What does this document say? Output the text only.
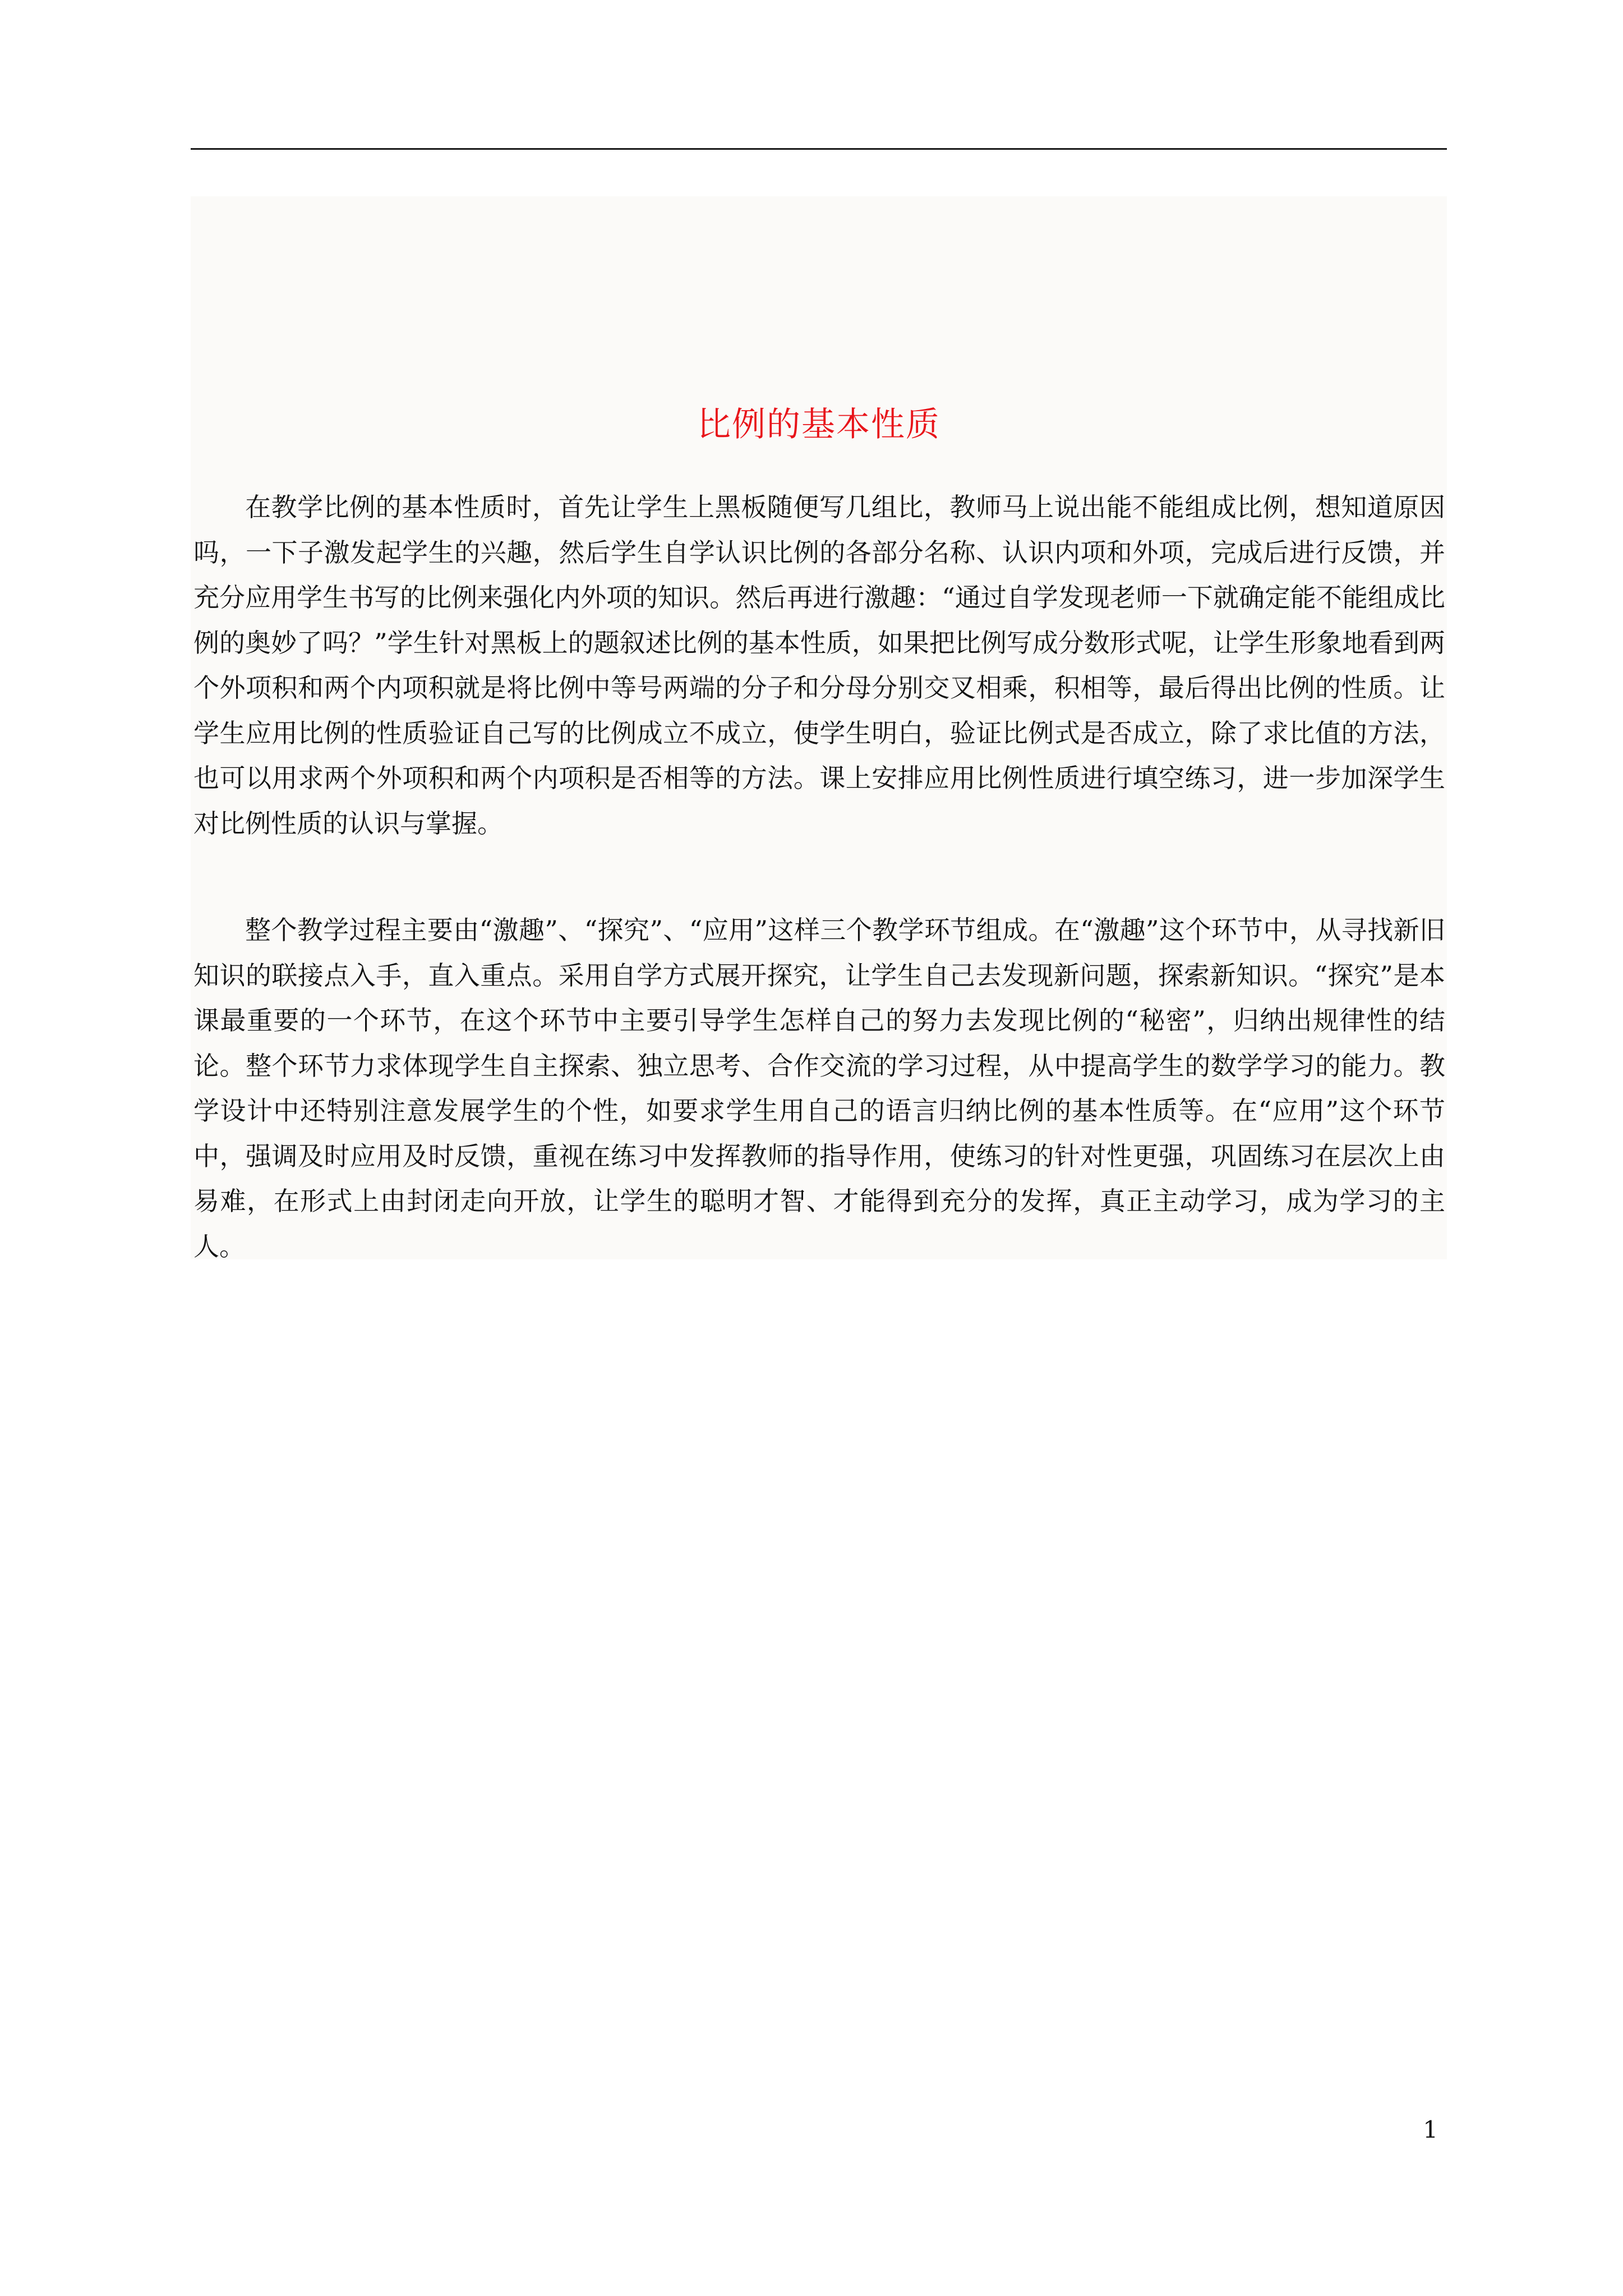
比例的基本性质

在教学比例的基本性质时，首先让学生上黑板随便写几组比，教师马上说出能不能组成比例，想知道原因吗，一下子激发起学生的兴趣，然后学生自学认识比例的各部分名称、认识内项和外项，完成后进行反馈，并充分应用学生书写的比例来强化内外项的知识。然后再进行激趣：“通过自学发现老师一下就确定能不能组成比例的奥妙了吗？”学生针对黑板上的题叙述比例的基本性质，如果把比例写成分数形式呢，让学生形象地看到两个外项积和两个内项积就是将比例中等号两端的分子和分母分别交叉相乘，积相等，最后得出比例的性质。让学生应用比例的性质验证自己写的比例成立不成立，使学生明白，验证比例式是否成立，除了求比值的方法，也可以用求两个外项积和两个内项积是否相等的方法。课上安排应用比例性质进行填空练习，进一步加深学生对比例性质的认识与掌握。

整个教学过程主要由“激趣”、“探究”、“应用”这样三个教学环节组成。在“激趣”这个环节中，从寻找新旧知识的联接点入手，直入重点。采用自学方式展开探究，让学生自己去发现新问题，探索新知识。“探究”是本课最重要的一个环节，在这个环节中主要引导学生怎样自己的努力去发现比例的“秘密”，归纳出规律性的结论。整个环节力求体现学生自主探索、独立思考、合作交流的学习过程，从中提高学生的数学学习的能力。教学设计中还特别注意发展学生的个性，如要求学生用自己的语言归纳比例的基本性质等。在“应用”这个环节中，强调及时应用及时反馈，重视在练习中发挥教师的指导作用，使练习的针对性更强，巩固练习在层次上由易难，在形式上由封闭走向开放，让学生的聪明才智、才能得到充分的发挥，真正主动学习，成为学习的主人。

1
